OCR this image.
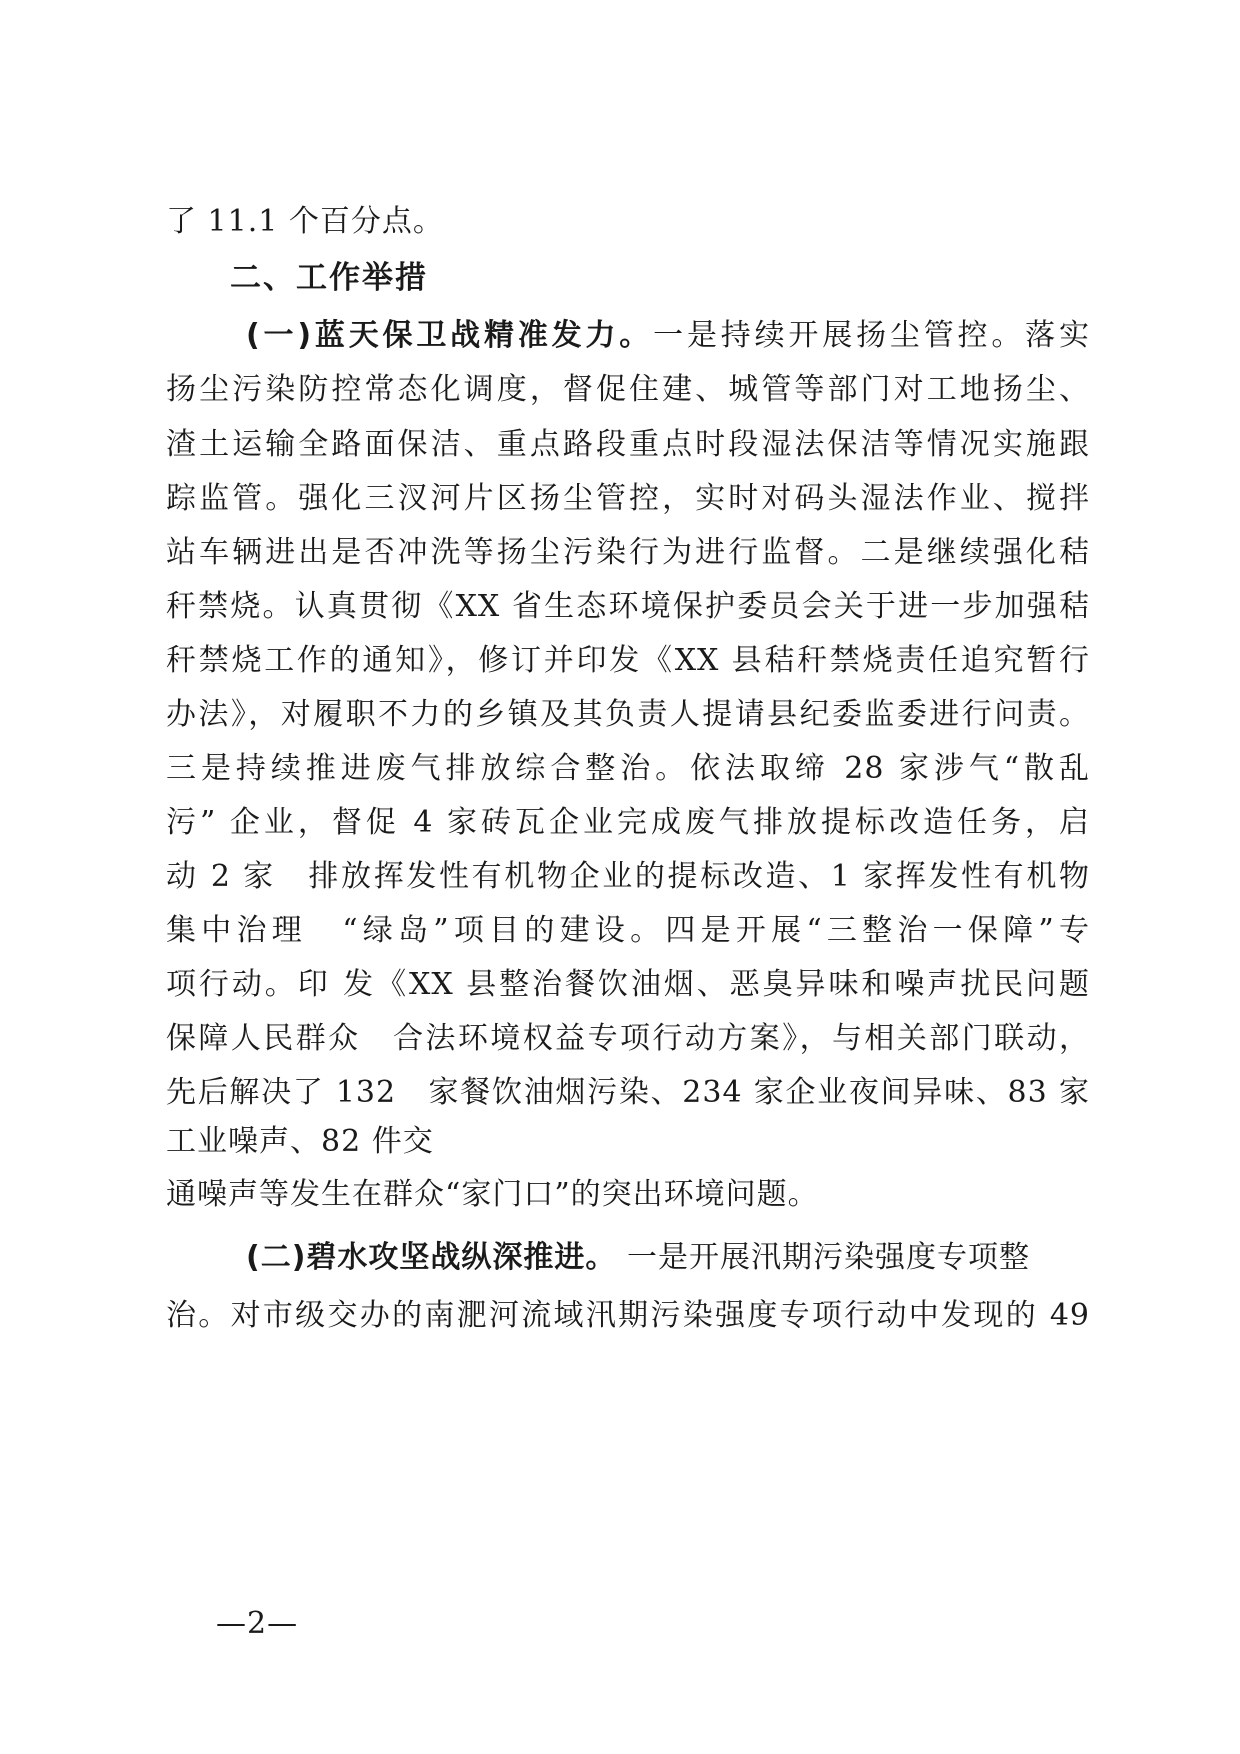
了 11.1 个百分点。
二、工作举措
(一)蓝天保卫战精准发力。一是持续开展扬尘管控。落实
扬尘污染防控常态化调度，督促住建、城管等部门对工地扬尘、
渣土运输全路面保洁、重点路段重点时段湿法保洁等情况实施跟
踪监管。强化三汊河片区扬尘管控，实时对码头湿法作业、搅拌
站车辆进出是否冲洗等扬尘污染行为进行监督。二是继续强化秸
秆禁烧。认真贯彻《XX 省生态环境保护委员会关于进一步加强秸
秆禁烧工作的通知》，修订并印发《XX 县秸秆禁烧责任追究暂行
办法》，对履职不力的乡镇及其负责人提请县纪委监委进行问责。
三是持续推进废气排放综合整治。依法取缔 28 家涉气“散乱
污” 企业，督促 4 家砖瓦企业完成废气排放提标改造任务，启
动 2 家　排放挥发性有机物企业的提标改造、1 家挥发性有机物
集中治理　“绿岛”项目的建设。四是开展“三整治一保障”专
项行动。印 发《XX 县整治餐饮油烟、恶臭异味和噪声扰民问题
保障人民群众　合法环境权益专项行动方案》，与相关部门联动，
先后解决了 132　家餐饮油烟污染、234 家企业夜间异味、83 家
工业噪声、82 件交
通噪声等发生在群众“家门口”的突出环境问题。
(二)碧水攻坚战纵深推进。 一是开展汛期污染强度专项整
治。对市级交办的南淝河流域汛期污染强度专项行动中发现的 49
—2—
